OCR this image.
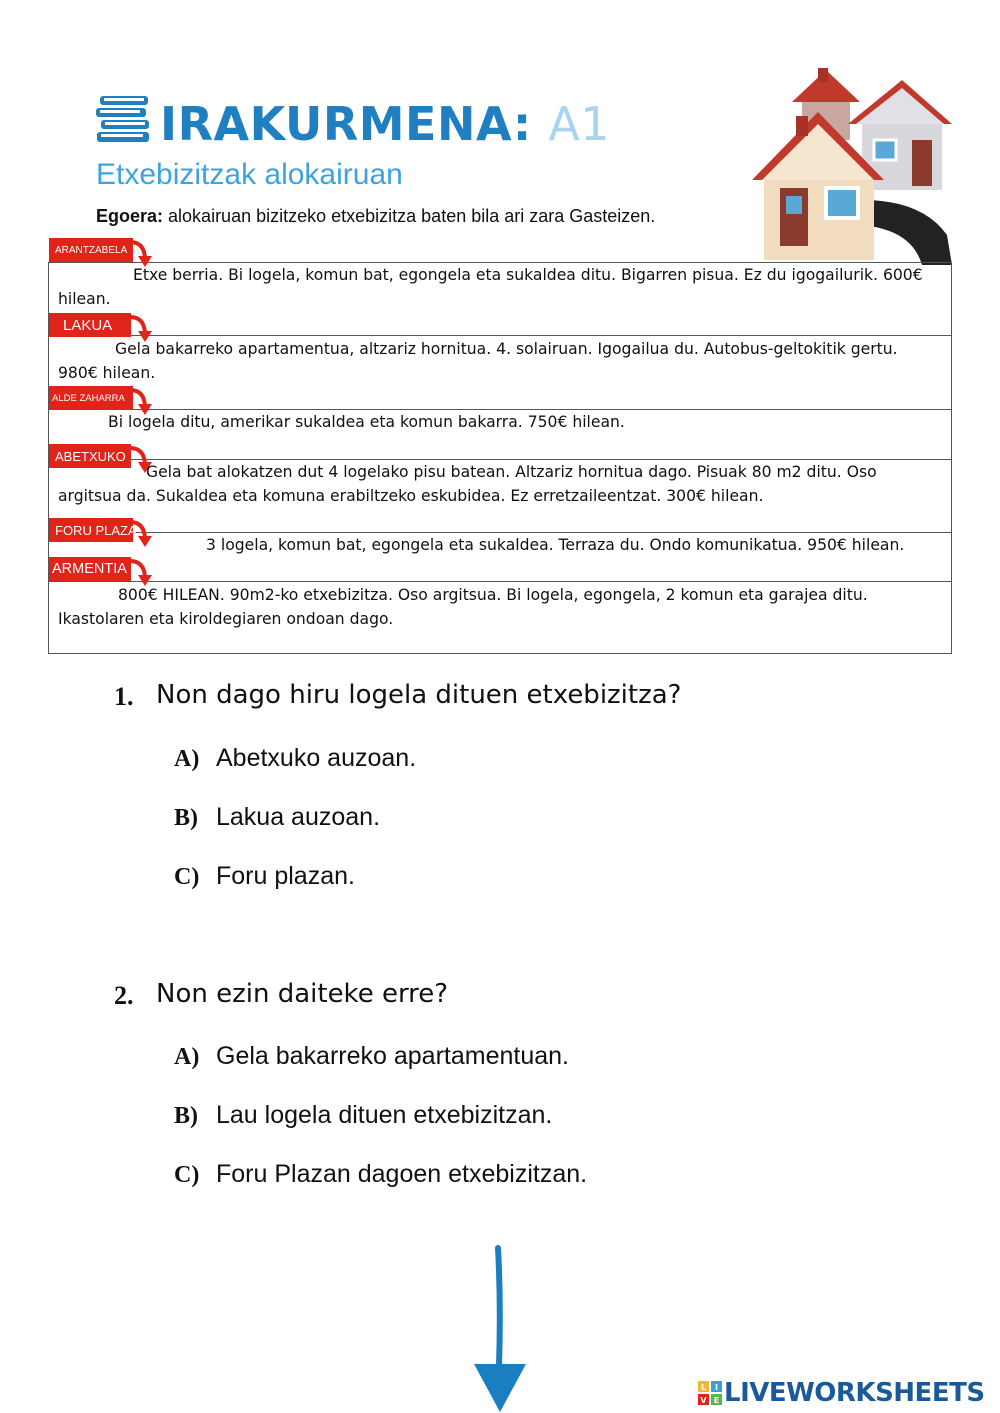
IRAKURMENA: A1
Etxebizitzak alokairuan
Egoera: alokairuan bizitzeko etxebizitza baten bila ari zara Gasteizen.
ARANTZABELA
LAKUA
ALDE ZAHARRA
ABETXUKO
FORU PLAZA
ARMENTIA
Etxe berria. Bi logela, komun bat, egongela eta sukaldea ditu. Bigarren pisua. Ez du igogailurik. 600€ hilean.
Gela bakarreko apartamentua, altzariz hornitua. 4. solairuan. Igogailua du. Autobus-geltokitik gertu. 980€ hilean.
Bi logela ditu, amerikar sukaldea eta komun bakarra. 750€ hilean.
Gela bat alokatzen dut 4 logelako pisu batean. Altzariz hornitua dago. Pisuak 80 m2 ditu. Oso argitsua da. Sukaldea eta komuna erabiltzeko eskubidea. Ez erretzaileentzat. 300€ hilean.
3 logela, komun bat, egongela eta sukaldea. Terraza du. Ondo komunikatua. 950€ hilean.
800€ HILEAN. 90m2-ko etxebizitza. Oso argitsua. Bi logela, egongela, 2 komun eta garajea ditu. Ikastolaren eta kiroldegiaren ondoan dago.
1. Non dago hiru logela dituen etxebizitza?
A) Abetxuko auzoan.
B) Lakua auzoan.
C) Foru plazan.
2. Non ezin daiteke erre?
A) Gela bakarreko apartamentuan.
B) Lau logela dituen etxebizitzan.
C) Foru Plazan dagoen etxebizitzan.
L I
V E LIVEWORKSHEETS
